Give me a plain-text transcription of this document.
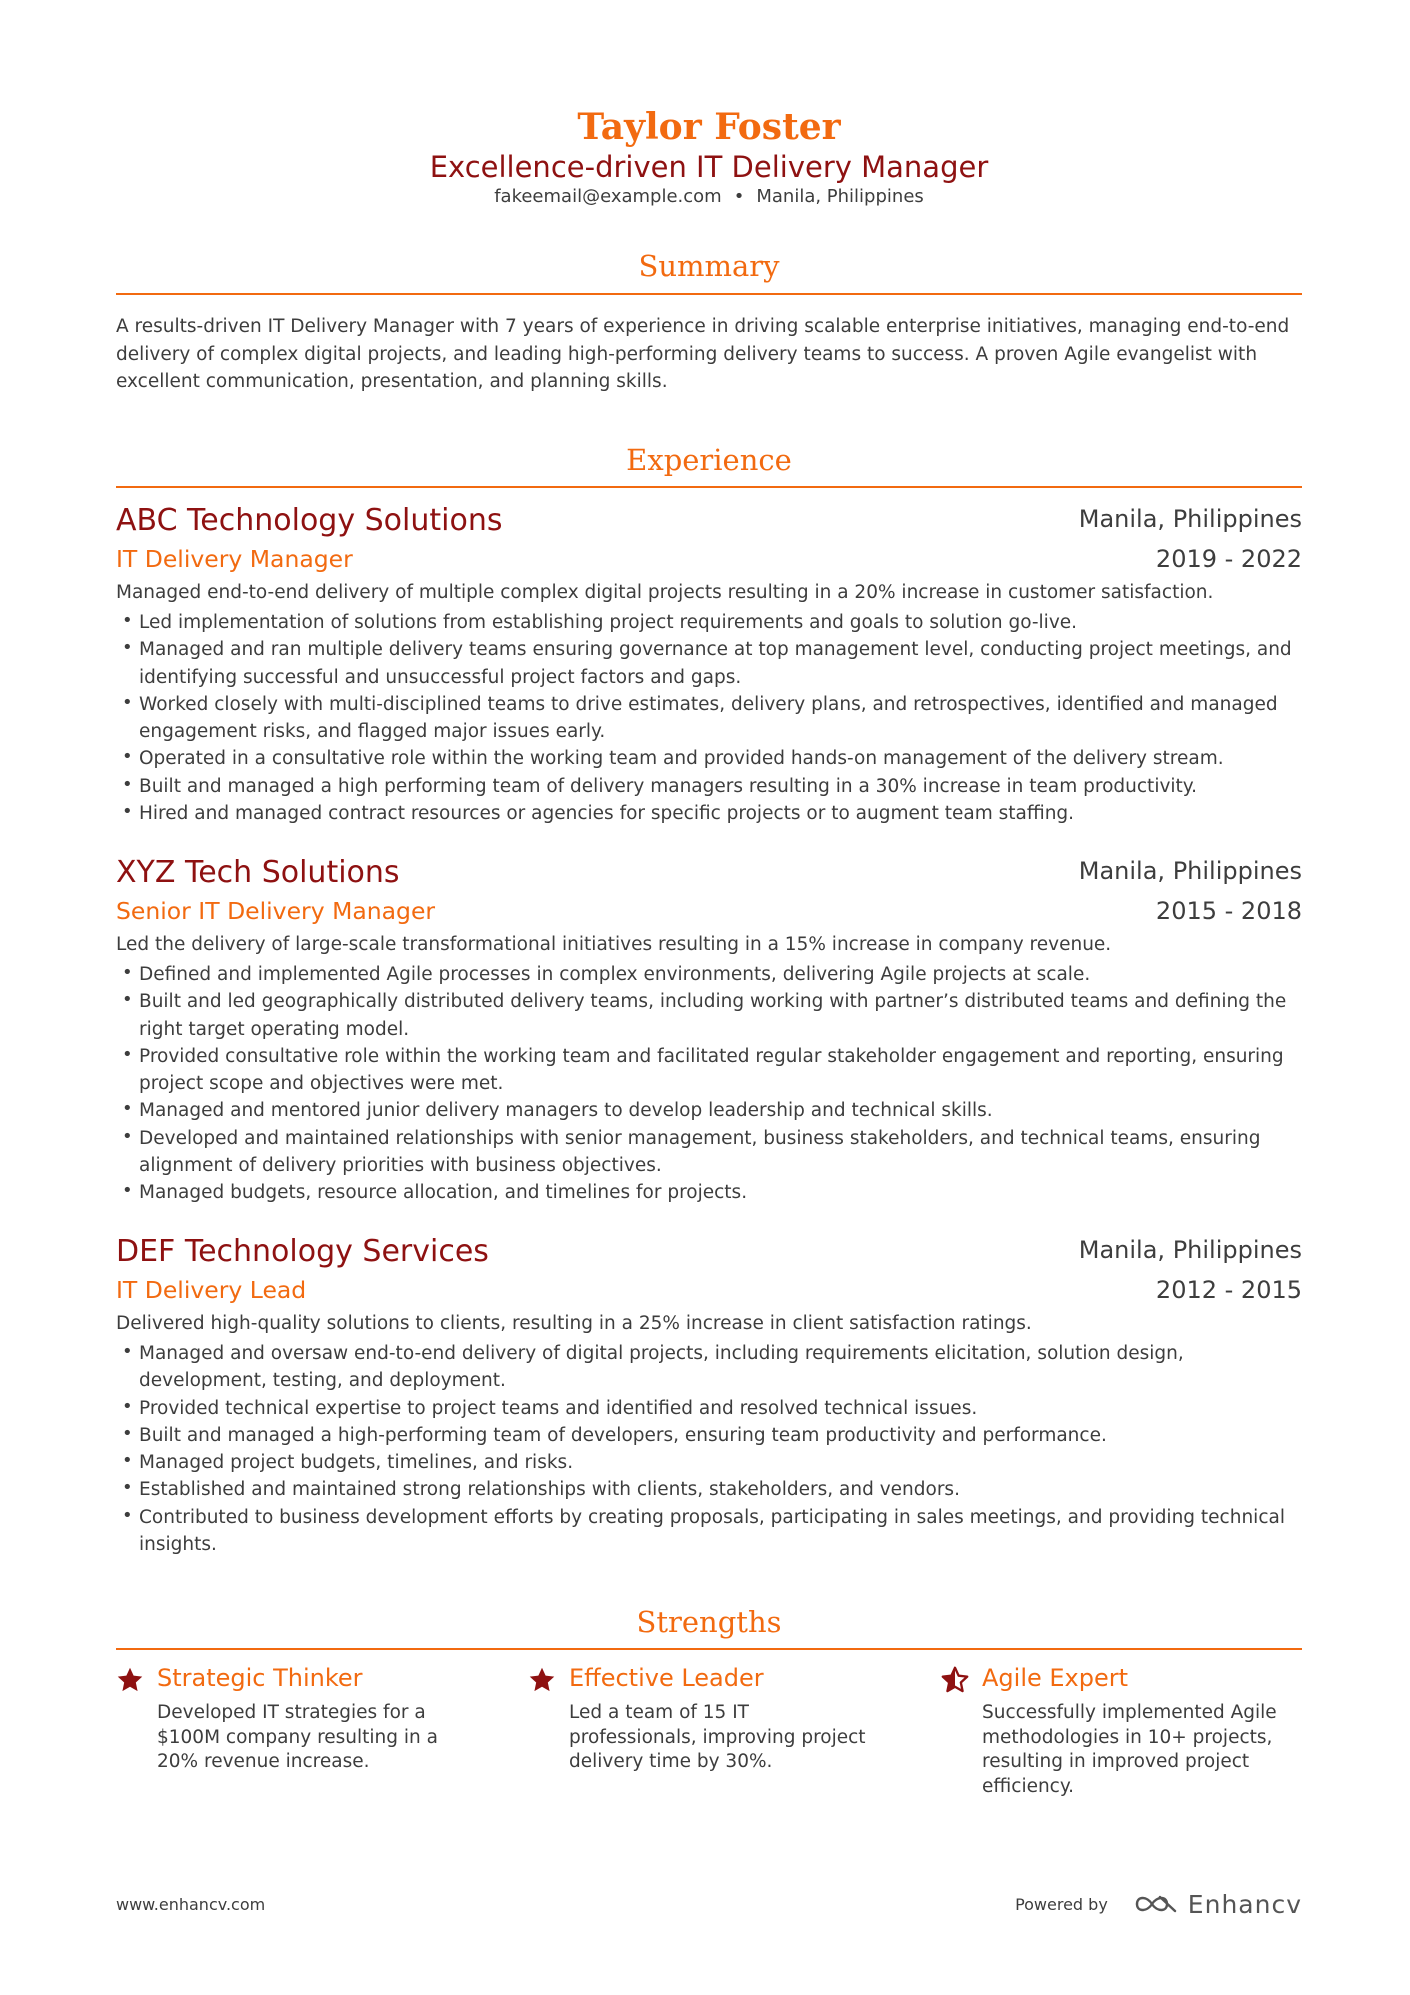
Taylor Foster
Excellence-driven IT Delivery Manager
fakeemail@example.com • Manila, Philippines
Summary

A results-driven IT Delivery Manager with 7 years of experience in driving scalable enterprise initiatives, managing end-to-end delivery of complex digital projects, and leading high-performing delivery teams to success. A proven Agile evangelist with excellent communication, presentation, and planning skills.

Experience
ABC Technology Solutions	Manila, Philippines
IT Delivery Manager	2019 - 2022

Managed end-to-end delivery of multiple complex digital projects resulting in a 20% increase in customer satisfaction.

• Led implementation of solutions from establishing project requirements and goals to solution go-live.
• Managed and ran multiple delivery teams ensuring governance at top management level, conducting project meetings, and identifying successful and unsuccessful project factors and gaps.
• Worked closely with multi-disciplined teams to drive estimates, delivery plans, and retrospectives, identified and managed engagement risks, and flagged major issues early.
• Operated in a consultative role within the working team and provided hands-on management of the delivery stream.
• Built and managed a high performing team of delivery managers resulting in a 30% increase in team productivity.
• Hired and managed contract resources or agencies for specific projects or to augment team staffing.
XYZ Tech Solutions	Manila, Philippines
Senior IT Delivery Manager	2015 - 2018

Led the delivery of large-scale transformational initiatives resulting in a 15% increase in company revenue.

• Defined and implemented Agile processes in complex environments, delivering Agile projects at scale.
• Built and led geographically distributed delivery teams, including working with partner’s distributed teams and defining the right target operating model.
• Provided consultative role within the working team and facilitated regular stakeholder engagement and reporting, ensuring project scope and objectives were met.
• Managed and mentored junior delivery managers to develop leadership and technical skills.
• Developed and maintained relationships with senior management, business stakeholders, and technical teams, ensuring alignment of delivery priorities with business objectives.
• Managed budgets, resource allocation, and timelines for projects.
DEF Technology Services	Manila, Philippines
IT Delivery Lead	2012 - 2015

Delivered high-quality solutions to clients, resulting in a 25% increase in client satisfaction ratings.

• Managed and oversaw end-to-end delivery of digital projects, including requirements elicitation, solution design, development, testing, and deployment.
• Provided technical expertise to project teams and identified and resolved technical issues.
• Built and managed a high-performing team of developers, ensuring team productivity and performance.
• Managed project budgets, timelines, and risks.
• Established and maintained strong relationships with clients, stakeholders, and vendors.
• Contributed to business development efforts by creating proposals, participating in sales meetings, and providing technical insights.
Strengths
Strategic Thinker

Developed IT strategies for a $100M company resulting in a 20% revenue increase.

Effective Leader

Led a team of 15 IT professionals, improving project delivery time by 30%.

Agile Expert

Successfully implemented Agile methodologies in 10+ projects, resulting in improved project efficiency.

www.enhancv.com	Powered by	Enhancv
